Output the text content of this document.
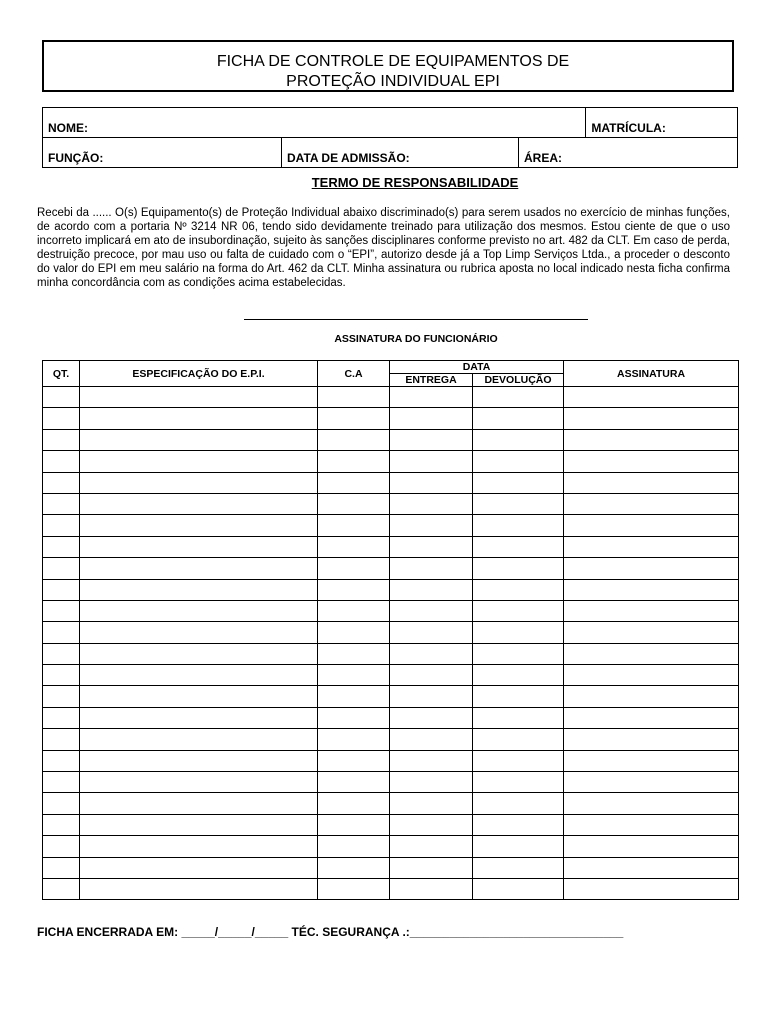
FICHA DE CONTROLE DE EQUIPAMENTOS DE
PROTEÇÃO INDIVIDUAL EPI
NOME:			MATRÍCULA:
FUNÇÃO:	DATA DE ADMISSÃO:	ÁREA:	
TERMO DE RESPONSABILIDADE
Recebi da ...... O(s) Equipamento(s) de Proteção Individual abaixo discriminado(s) para serem usados no exercício de minhas funções, de acordo com a portaria Nº 3214 NR 06, tendo sido devidamente treinado para utilização dos mesmos. Estou ciente de que o uso incorreto implicará em ato de insubordinação, sujeito às sanções disciplinares conforme previsto no art. 482 da CLT. Em caso de perda, destruição precoce, por mau uso ou falta de cuidado com o “EPI”, autorizo desde já a Top Limp Serviços Ltda., a proceder o desconto do valor do EPI em meu salário na forma do Art. 462 da CLT. Minha assinatura ou rubrica aposta no local indicado nesta ficha confirma minha concordância com as condições acima estabelecidas.
ASSINATURA DO FUNCIONÁRIO
QT.	ESPECIFICAÇÃO DO E.P.I.	C.A	DATA		ASSINATURA
			ENTREGA	DEVOLUÇÃO	

FICHA ENCERRADA EM: _____/_____/_____ TÉC. SEGURANÇA .:________________________________
